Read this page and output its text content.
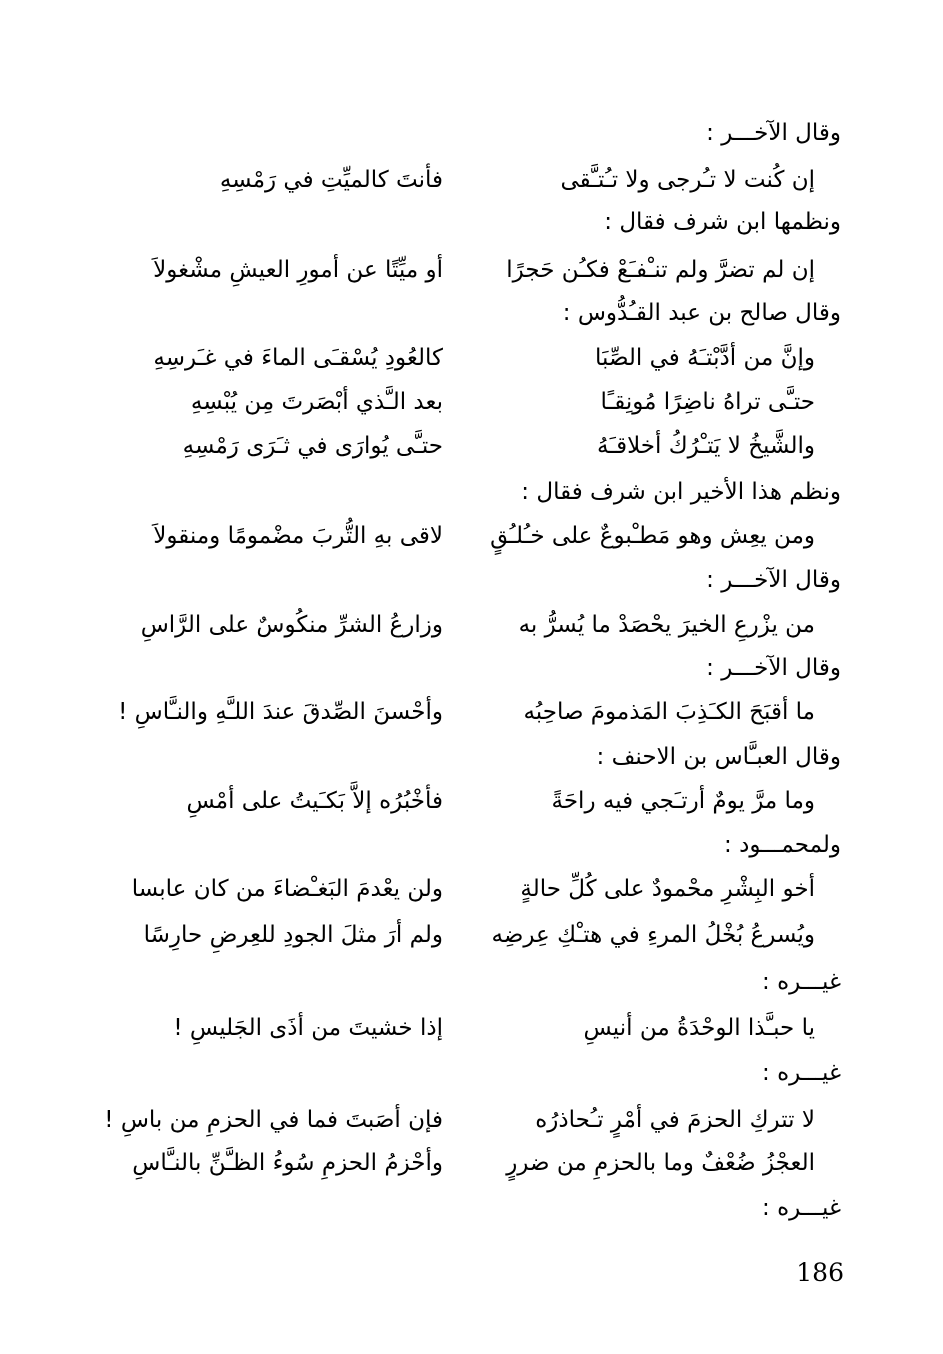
وقال الآخـــر :
إن كُنت لا تـُرجى ولا تـُتـَّقى
فأنتَ كالميِّتِ في رَمْسِهِ
ونظمها ابن شرف فقال :
إن لم تضرَّ ولم تنـْفـَعْ فكـُن حَجرًا
أو ميِّتًا عن أمورِ العيشِ مشْغولاَ
وقال صالح بن عبد القـُدُّوس :
وإنَّ من أدَّبْتـَهُ في الصِّبَا
كالعُودِ يُسْقـَى الماءَ في غـَرسِهِ
حتـَّى تراهُ ناضِرًا مُونِقـًا
بعد الـَّذي أبْصَرتَ مِن يُبْسِهِ
والشَّيخُ لا يَتـْرُكُ أخلاقـَهُ
حتـَّى يُوارَى في ثـَرَى رَمْسِهِ
ونظم هذا الأخير ابن شرف فقال :
ومن يعِش وهو مَطـْبوعٌ على خـُلـُقٍ
لاقى بهِ التُّربَ مضْمومًا ومنقولاَ
وقال الآخـــر :
من يزْرعِ الخيرَ يحْصَدْ ما يُسرُّ به
وزارعُ الشرِّ منكُوسٌ على الرَّاسِ
وقال الآخـــر :
ما أقبَحَ الكـَذِبَ المَذمومَ صاحِبُه
وأحْسنَ الصِّدقَ عندَ اللـَّهِ والنـَّاسِ !
وقال العبـَّاس بن الاحنف :
وما مرَّ يومٌ أرتـَجي فيه راحَةً
فأخْبُرُه إلاَّ بَكـَيتُ على أمْسِ
ولمحمـــود :
أخو البِشْرِ محْمودٌ على كُلِّ حالةٍ
ولن يعْدمَ البَغـْضاءَ من كان عابسا
ويُسرعُ بُخْلُ المرءِ في هتـْكِ عِرضِه
ولم أرَ مثلَ الجودِ للعِرضِ حارِسًا
غيـــره :
يا حبـَّذا الوحْدَةُ من أنيسِ
إذا خشيتَ من أذَى الجَليسِ !
غيـــره :
لا تتركِ الحزمَ في أمْرٍ تـُحاذرُه
فإن أصَبتَ فما في الحزمِ من باسِ !
العجْزُ ضُعْفٌ وما بالحزمِ من ضررٍ
وأحْزمُ الحزمِ سُوءُ الظـَّنِّ بالنـَّاسِ
غيـــره :
186
